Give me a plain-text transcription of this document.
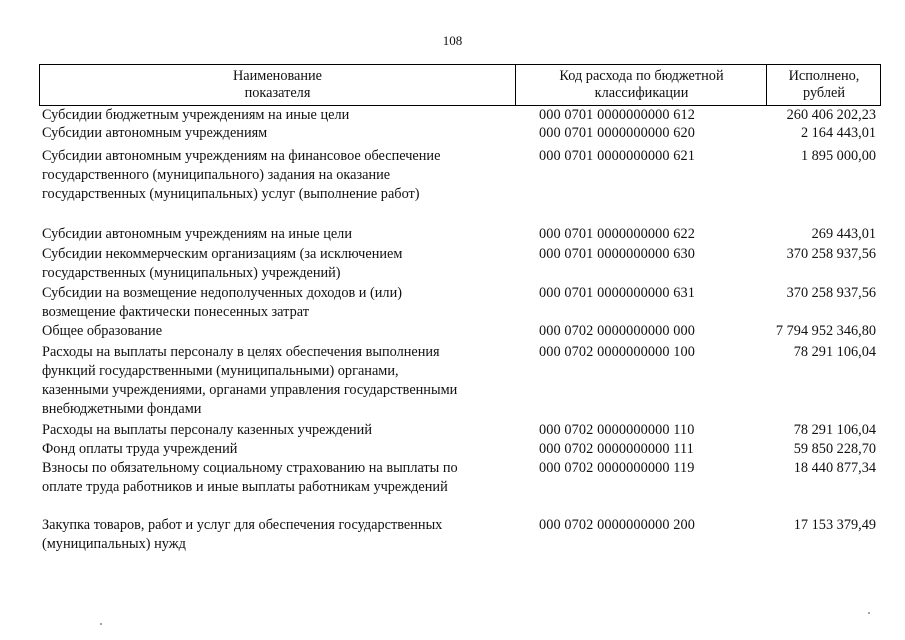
108
Наименование
показателя
Код расхода по бюджетной
классификации
Исполнено, рублей
Субсидии бюджетным учреждениям на иные цели	000 0701 0000000000 612	260 406 202,23
Субсидии автономным учреждениям	000 0701 0000000000 620	2 164 443,01
Субсидии автономным учреждениям на финансовое обеспечение
государственного (муниципального) задания на оказание
государственных (муниципальных) услуг (выполнение работ)
000 0701 0000000000 621	1 895 000,00
Субсидии автономным учреждениям на иные цели	000 0701 0000000000 622	269 443,01
Субсидии некоммерческим организациям (за исключением
государственных (муниципальных) учреждений)
000 0701 0000000000 630	370 258 937,56
Субсидии на возмещение недополученных доходов и (или)
возмещение фактически понесенных затрат
000 0701 0000000000 631	370 258 937,56
Общее образование	000 0702 0000000000 000	7 794 952 346,80
Расходы на выплаты персоналу в целях обеспечения выполнения
функций государственными (муниципальными) органами,
казенными учреждениями, органами управления государственными
внебюджетными фондами
000 0702 0000000000 100	78 291 106,04
Расходы на выплаты персоналу казенных учреждений	000 0702 0000000000 110	78 291 106,04
Фонд оплаты труда учреждений	000 0702 0000000000 111	59 850 228,70
Взносы по обязательному социальному страхованию на выплаты по
оплате труда работников и иные выплаты работникам учреждений
000 0702 0000000000 119	18 440 877,34
Закупка товаров, работ и услуг для обеспечения государственных
(муниципальных) нужд
000 0702 0000000000 200	17 153 379,49
